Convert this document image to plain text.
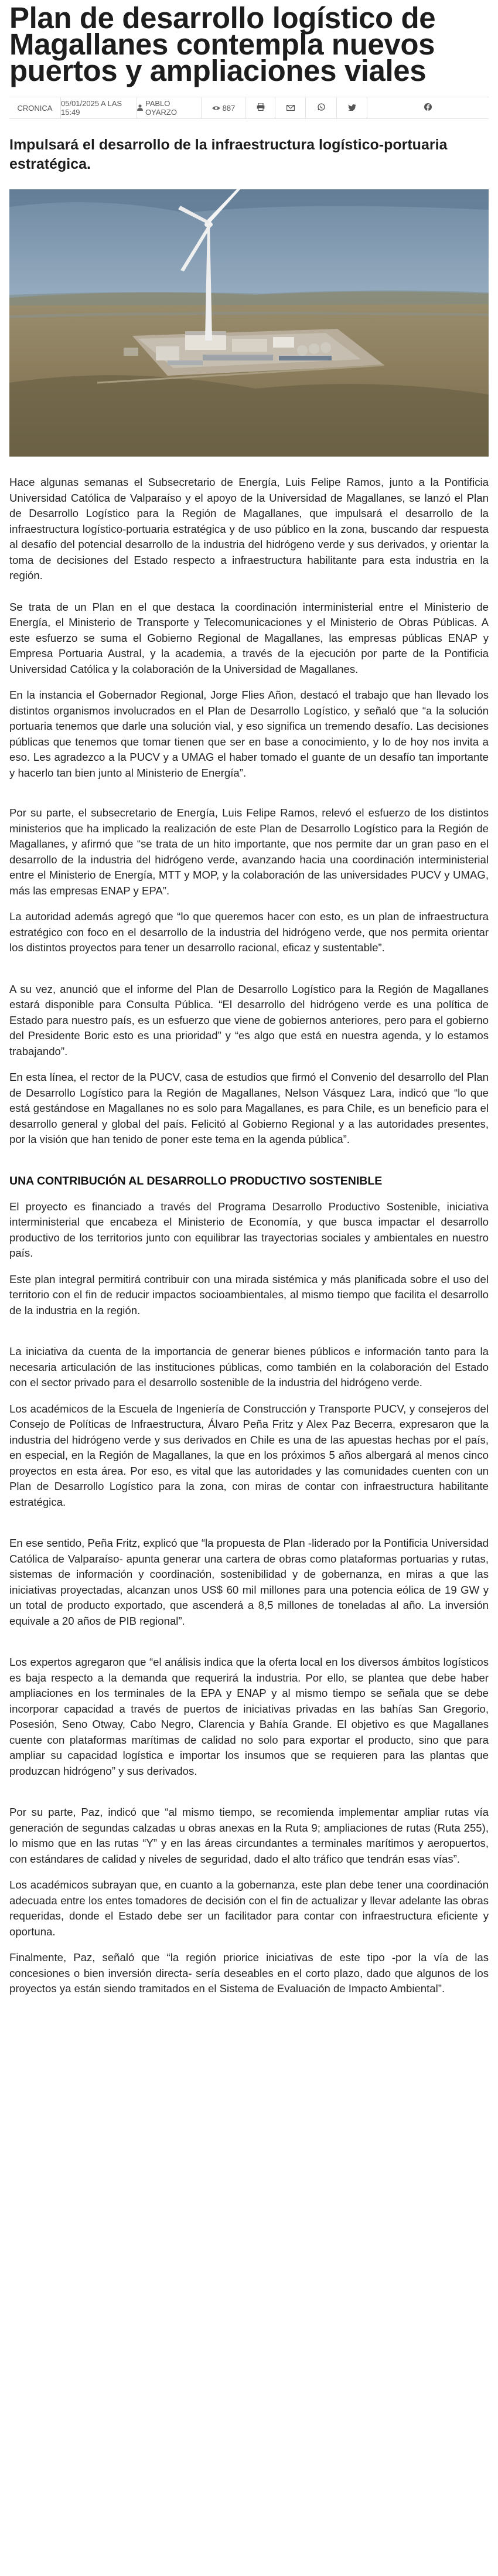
Plan de desarrollo logístico de Magallanes contempla nuevos puertos y ampliaciones viales
CRONICA 05/01/2025 A LAS 15:49
PABLO OYARZO	887
Impulsará el desarrollo de la infraestructura logístico-portuaria estratégica.

Hace algunas semanas el Subsecretario de Energía, Luis Felipe Ramos, junto a la Pontificia Universidad Católica de Valparaíso y el apoyo de la Universidad de Magallanes, se lanzó el Plan de Desarrollo Logístico para la Región de Magallanes, que impulsará el desarrollo de la infraestructura logístico-portuaria estratégica y de uso público en la zona, buscando dar respuesta al desafío del potencial desarrollo de la industria del hidrógeno verde y sus derivados, y orientar la toma de decisiones del Estado respecto a infraestructura habilitante para esta industria en la región.

Se trata de un Plan en el que destaca la coordinación interministerial entre el Ministerio de Energía, el Ministerio de Transporte y Telecomunicaciones y el Ministerio de Obras Públicas. A este esfuerzo se suma el Gobierno Regional de Magallanes, las empresas públicas ENAP y Empresa Portuaria Austral, y la academia, a través de la ejecución por parte de la Pontificia Universidad Católica y la colaboración de la Universidad de Magallanes.

En la instancia el Gobernador Regional, Jorge Flies Añon, destacó el trabajo que han llevado los distintos organismos involucrados en el Plan de Desarrollo Logístico, y señaló que “a la solución portuaria tenemos que darle una solución vial, y eso significa un tremendo desafío. Las decisiones públicas que tenemos que tomar tienen que ser en base a conocimiento, y lo de hoy nos invita a eso. Les agradezco a la PUCV y a UMAG el haber tomado el guante de un desafío tan importante y hacerlo tan bien junto al Ministerio de Energía”.

Por su parte, el subsecretario de Energía, Luis Felipe Ramos, relevó el esfuerzo de los distintos ministerios que ha implicado la realización de este Plan de Desarrollo Logístico para la Región de Magallanes, y afirmó que “se trata de un hito importante, que nos permite dar un gran paso en el desarrollo de la industria del hidrógeno verde, avanzando hacia una coordinación interministerial entre el Ministerio de Energía, MTT y MOP, y la colaboración de las universidades PUCV y UMAG, más las empresas ENAP y EPA”.

La autoridad además agregó que “lo que queremos hacer con esto, es un plan de infraestructura estratégico con foco en el desarrollo de la industria del hidrógeno verde, que nos permita orientar los distintos proyectos para tener un desarrollo racional, eficaz y sustentable”.

A su vez, anunció que el informe del Plan de Desarrollo Logístico para la Región de Magallanes estará disponible para Consulta Pública. “El desarrollo del hidrógeno verde es una política de Estado para nuestro país, es un esfuerzo que viene de gobiernos anteriores, pero para el gobierno del Presidente Boric esto es una prioridad” y “es algo que está en nuestra agenda, y lo estamos trabajando”.

En esta línea, el rector de la PUCV, casa de estudios que firmó el Convenio del desarrollo del Plan de Desarrollo Logístico para la Región de Magallanes, Nelson Vásquez Lara, indicó que “lo que está gestándose en Magallanes no es solo para Magallanes, es para Chile, es un beneficio para el desarrollo general y global del país. Felicitó al Gobierno Regional y a las autoridades presentes, por la visión que han tenido de poner este tema en la agenda pública”.

UNA CONTRIBUCIÓN AL DESARROLLO PRODUCTIVO SOSTENIBLE

El proyecto es financiado a través del Programa Desarrollo Productivo Sostenible, iniciativa interministerial que encabeza el Ministerio de Economía, y que busca impactar el desarrollo productivo de los territorios junto con equilibrar las trayectorias sociales y ambientales en nuestro país.

Este plan integral permitirá contribuir con una mirada sistémica y más planificada sobre el uso del territorio con el fin de reducir impactos socioambientales, al mismo tiempo que facilita el desarrollo de la industria en la región.

La iniciativa da cuenta de la importancia de generar bienes públicos e información tanto para la necesaria articulación de las instituciones públicas, como también en la colaboración del Estado con el sector privado para el desarrollo sostenible de la industria del hidrógeno verde.

Los académicos de la Escuela de Ingeniería de Construcción y Transporte PUCV, y consejeros del Consejo de Políticas de Infraestructura, Álvaro Peña Fritz y Alex Paz Becerra, expresaron que la industria del hidrógeno verde y sus derivados en Chile es una de las apuestas hechas por el país, en especial, en la Región de Magallanes, la que en los próximos 5 años albergará al menos cinco proyectos en esta área. Por eso, es vital que las autoridades y las comunidades cuenten con un Plan de Desarrollo Logístico para la zona, con miras de contar con infraestructura habilitante estratégica.

En ese sentido, Peña Fritz, explicó que “la propuesta de Plan -liderado por la Pontificia Universidad Católica de Valparaíso- apunta generar una cartera de obras como plataformas portuarias y rutas, sistemas de información y coordinación, sostenibilidad y de gobernanza, en miras a que las iniciativas proyectadas, alcanzan unos US$ 60 mil millones para una potencia eólica de 19 GW y un total de producto exportado, que ascenderá a 8,5 millones de toneladas al año. La inversión equivale a 20 años de PIB regional”.

Los expertos agregaron que “el análisis indica que la oferta local en los diversos ámbitos logísticos es baja respecto a la demanda que requerirá la industria. Por ello, se plantea que debe haber ampliaciones en los terminales de la EPA y ENAP y al mismo tiempo se señala que se debe incorporar capacidad a través de puertos de iniciativas privadas en las bahías San Gregorio, Posesión, Seno Otway, Cabo Negro, Clarencia y Bahía Grande. El objetivo es que Magallanes cuente con plataformas marítimas de calidad no solo para exportar el producto, sino que para ampliar su capacidad logística e importar los insumos que se requieren para las plantas que produzcan hidrógeno” y sus derivados.

Por su parte, Paz, indicó que “al mismo tiempo, se recomienda implementar ampliar rutas vía generación de segundas calzadas u obras anexas en la Ruta 9; ampliaciones de rutas (Ruta 255), lo mismo que en las rutas “Y” y en las áreas circundantes a terminales marítimos y aeropuertos, con estándares de calidad y niveles de seguridad, dado el alto tráfico que tendrán esas vías”.

Los académicos subrayan que, en cuanto a la gobernanza, este plan debe tener una coordinación adecuada entre los entes tomadores de decisión con el fin de actualizar y llevar adelante las obras requeridas, donde el Estado debe ser un facilitador para contar con infraestructura eficiente y oportuna.

Finalmente, Paz, señaló que “la región priorice iniciativas de este tipo -por la vía de las concesiones o bien inversión directa- sería deseables en el corto plazo, dado que algunos de los proyectos ya están siendo tramitados en el Sistema de Evaluación de Impacto Ambiental”.
